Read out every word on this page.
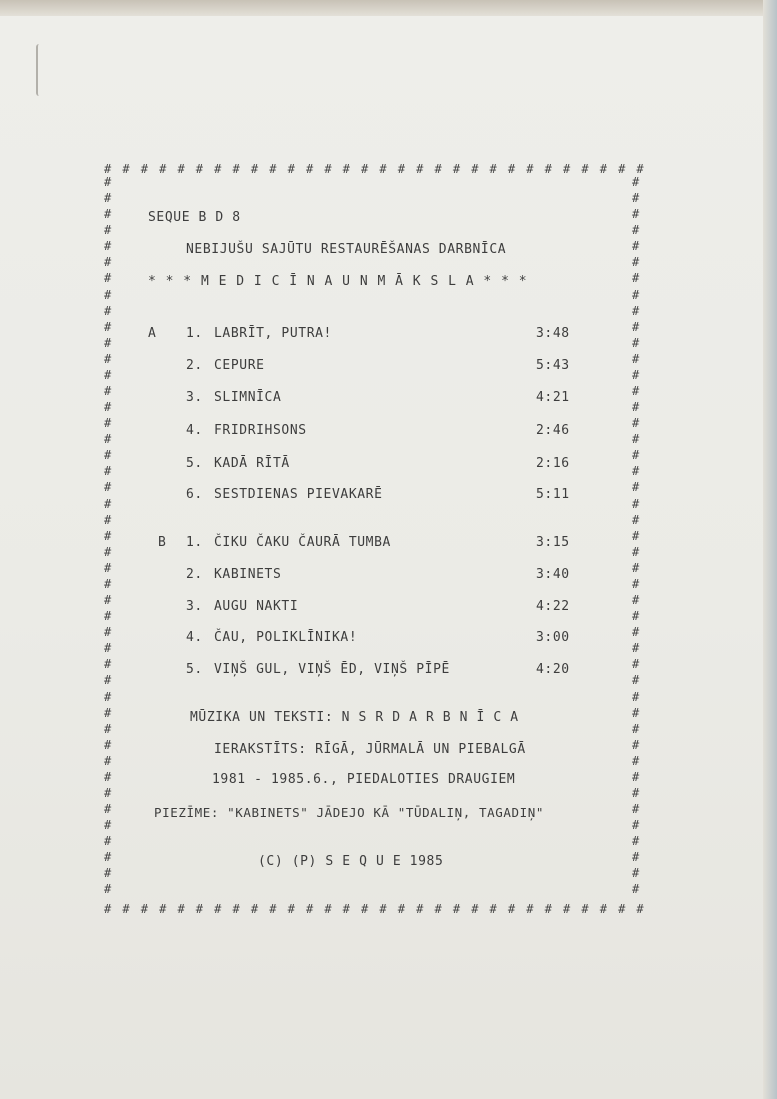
# # # # # # # # # # # # # # # # # # # # # # # # # # # # # #
# # # # # # # # # # # # # # # # # # # # # # # # # # # # # #
#
#
#
#
#
#
#
#
#
#
#
#
#
#
#
#
#
#
#
#
#
#
#
#
#
#
#
#
#
#
#
#
#
#
#
#
#
#
#
#
#
#
#
#
#
#
#
#
#
#
#
#
#
#
#
#
#
#
#
#
#
#
#
#
#
#
#
#
#
#
#
#
#
#
#
#
#
#
#
#
#
#
#
#
#
#
#
#
#
#
SEQUE B D 8
NEBIJUŠU SAJŪTU RESTAURĒŠANAS DARBNĪCA
* * * M E D I C Ī N A U N M Ā K S L A * * *
A 1. LABRĪT, PUTRA!	3:48
2. CEPURE	5:43
3. SLIMNĪCA	4:21
4. FRIDRIHSONS	2:46
5. KADĀ RĪTĀ	2:16
6. SESTDIENAS PIEVAKARĒ	5:11
B 1. ČIKU ČAKU ČAURĀ TUMBA	3:15
2. KABINETS	3:40
3. AUGU NAKTI	4:22
4. ČAU, POLIKLĪNIKA!	3:00
5. VIŅŠ GUL, VIŅŠ ĒD, VIŅŠ PĪPĒ	4:20
MŪZIKA UN TEKSTI: N S R D A R B N Ī C A
IERAKSTĪTS: RĪGĀ, JŪRMALĀ UN PIEBALGĀ
1981 - 1985.6., PIEDALOTIES DRAUGIEM
PIEZĪME: "KABINETS" JĀDEJO KĀ "TŪDALIŅ, TAGADIŅ"
(C) (P) S E Q U E 1985
